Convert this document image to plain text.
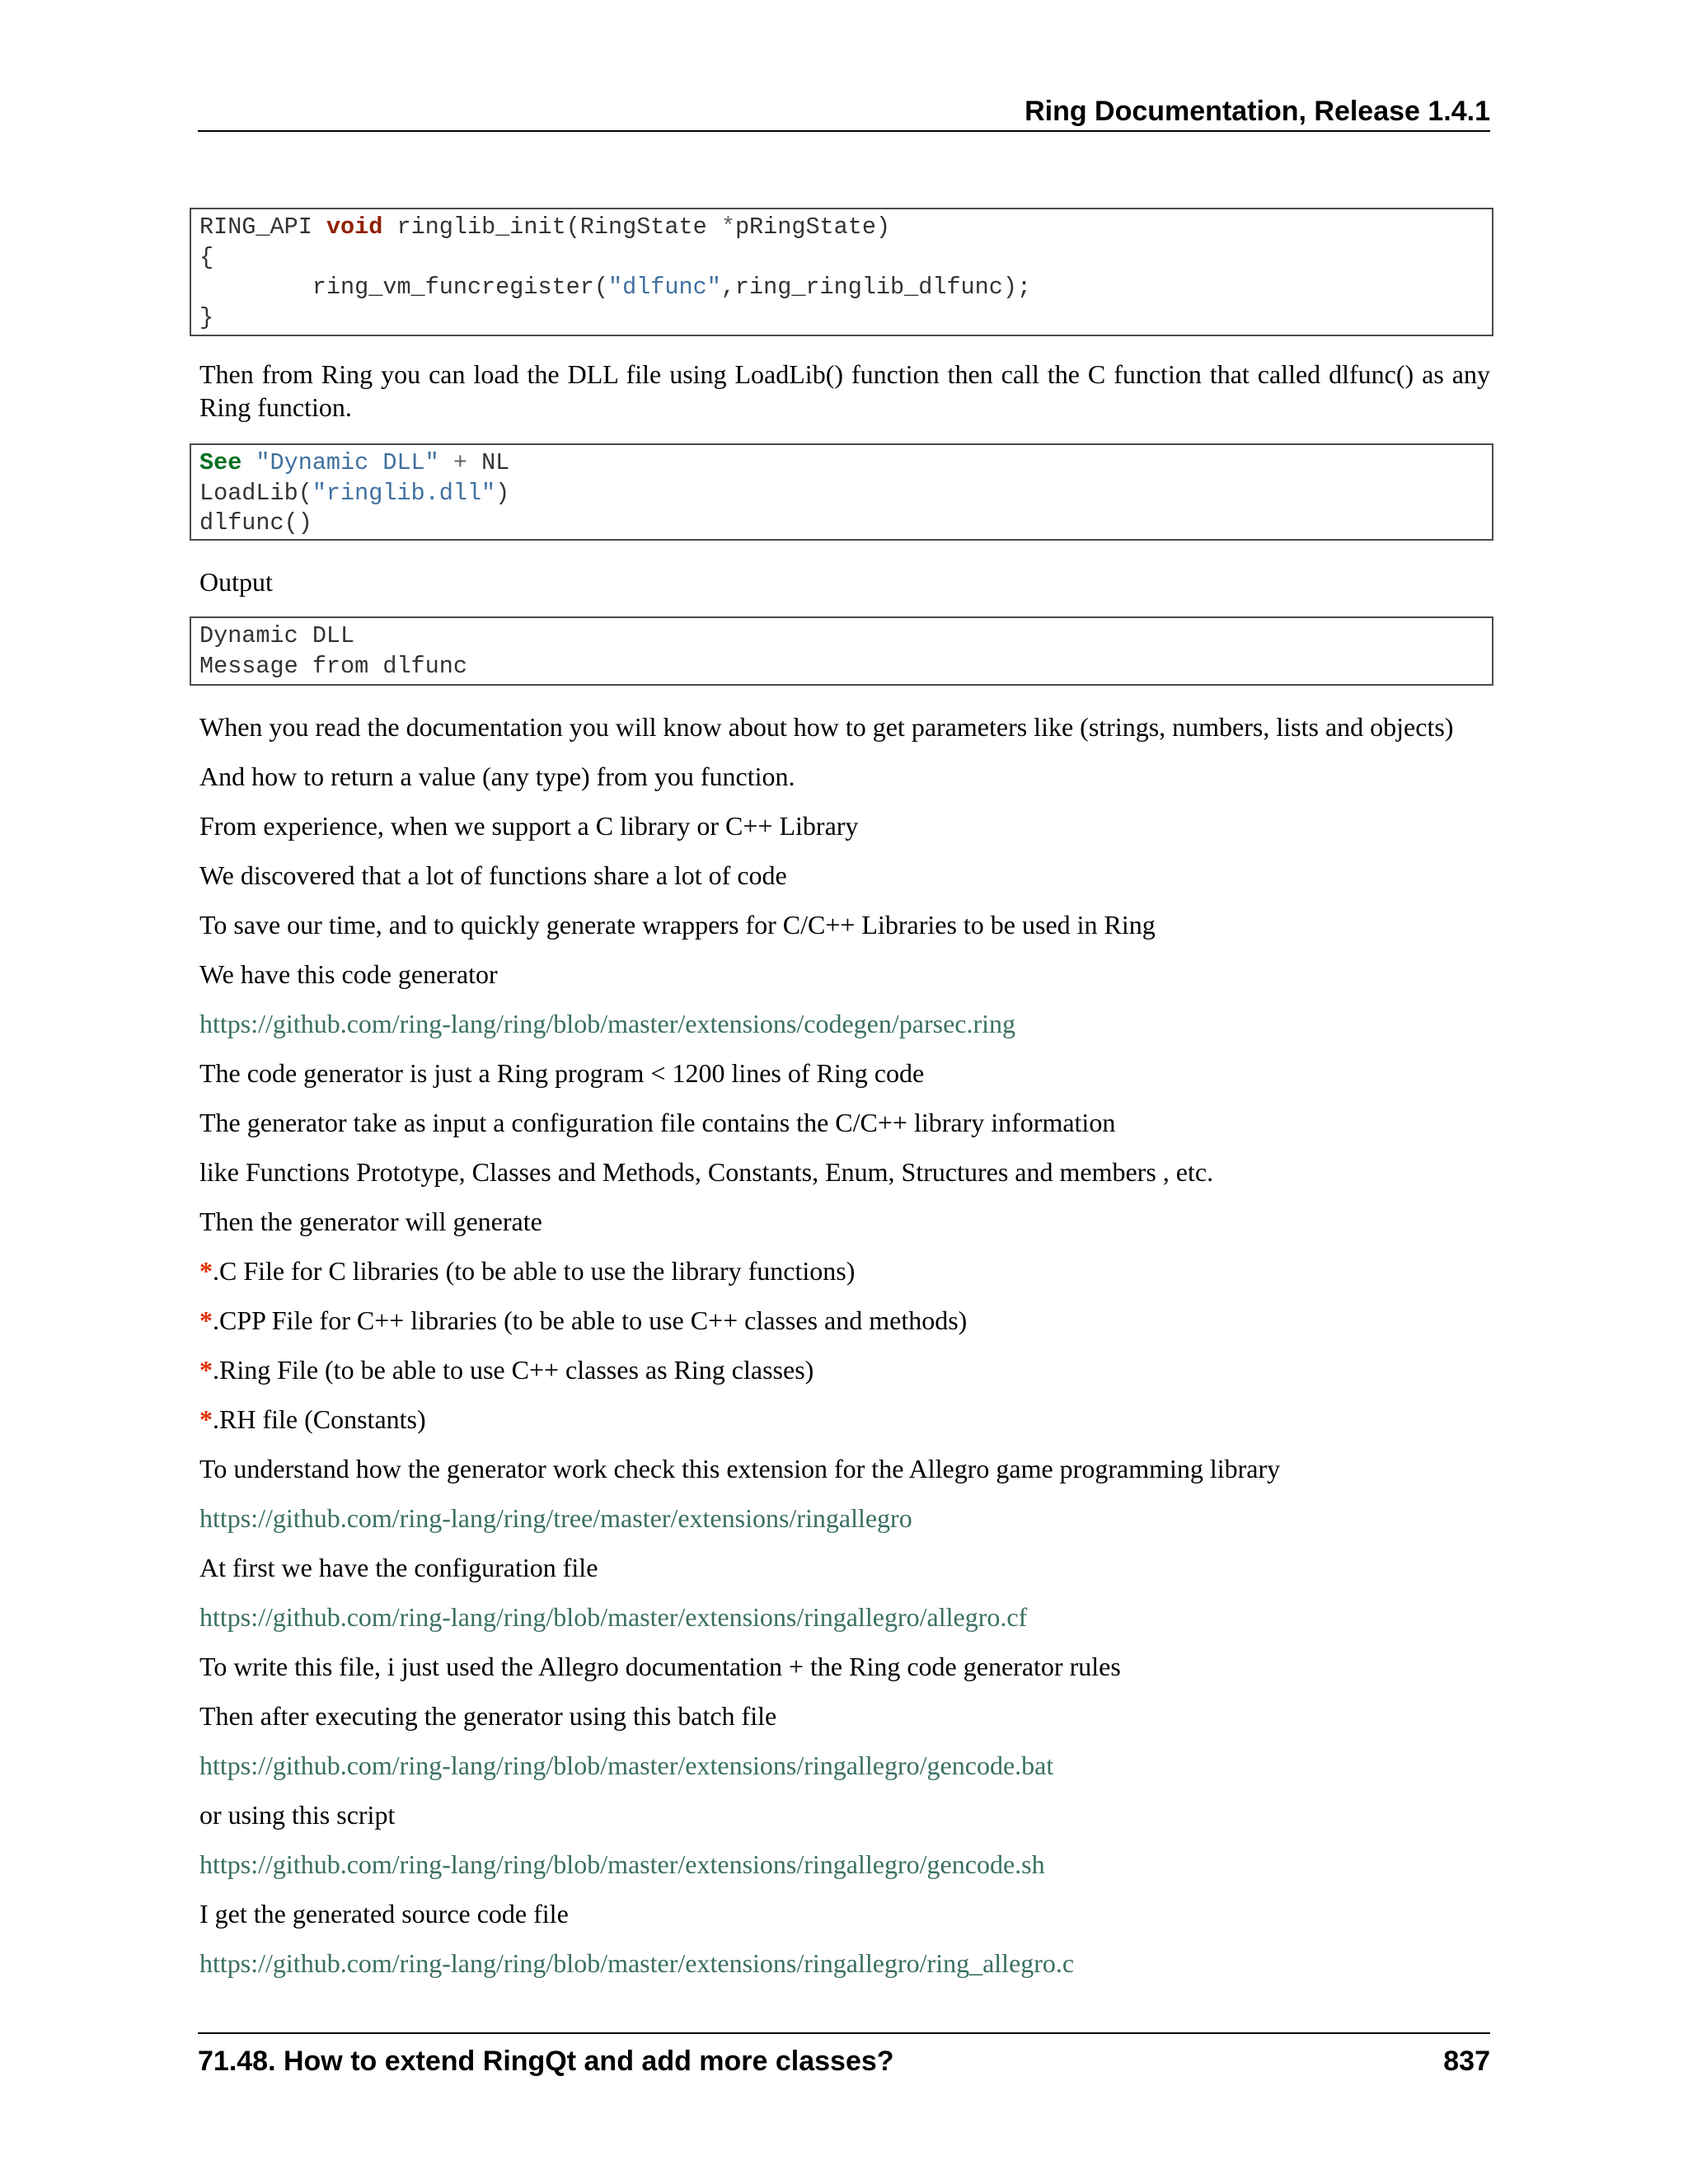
Ring Documentation, Release 1.4.1
RING_API void ringlib_init(RingState *pRingState)
{
ring_vm_funcregister("dlfunc",ring_ringlib_dlfunc);
}

Then from Ring you can load the DLL file using LoadLib() function then call the C function that called dlfunc() as any Ring function.

See "Dynamic DLL" + NL
LoadLib("ringlib.dll")
dlfunc()
Output
Dynamic DLL
Message from dlfunc
When you read the documentation you will know about how to get parameters like (strings, numbers, lists and objects)
And how to return a value (any type) from you function.
From experience, when we support a C library or C++ Library
We discovered that a lot of functions share a lot of code
To save our time, and to quickly generate wrappers for C/C++ Libraries to be used in Ring
We have this code generator
https://github.com/ring-lang/ring/blob/master/extensions/codegen/parsec.ring
The code generator is just a Ring program < 1200 lines of Ring code
The generator take as input a configuration file contains the C/C++ library information
like Functions Prototype, Classes and Methods, Constants, Enum, Structures and members , etc.
Then the generator will generate
*.C File for C libraries (to be able to use the library functions)
*.CPP File for C++ libraries (to be able to use C++ classes and methods)
*.Ring File (to be able to use C++ classes as Ring classes)
*.RH file (Constants)
To understand how the generator work check this extension for the Allegro game programming library
https://github.com/ring-lang/ring/tree/master/extensions/ringallegro
At first we have the configuration file
https://github.com/ring-lang/ring/blob/master/extensions/ringallegro/allegro.cf
To write this file, i just used the Allegro documentation + the Ring code generator rules
Then after executing the generator using this batch file
https://github.com/ring-lang/ring/blob/master/extensions/ringallegro/gencode.bat
or using this script
https://github.com/ring-lang/ring/blob/master/extensions/ringallegro/gencode.sh
I get the generated source code file
https://github.com/ring-lang/ring/blob/master/extensions/ringallegro/ring_allegro.c
71.48. How to extend RingQt and add more classes?	837
